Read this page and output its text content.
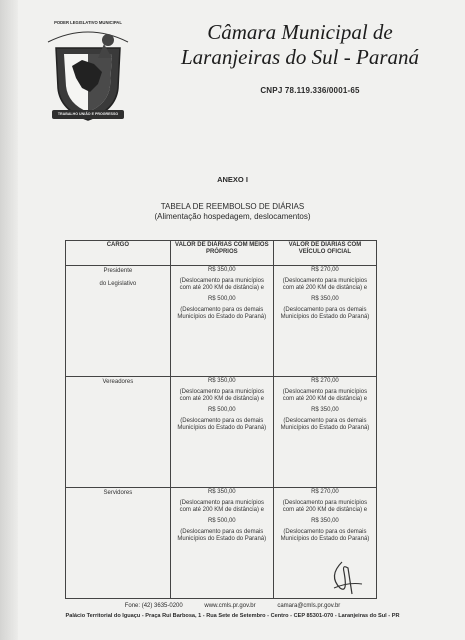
PODER LEGISLATIVO MUNICIPAL
TRABALHO UNIÃO E PROGRESSO
Câmara Municipal de
Laranjeiras do Sul - Paraná
CNPJ 78.119.336/0001-65
ANEXO I
TABELA DE REEMBOLSO DE DIÁRIAS
(Alimentação hospedagem, deslocamentos)
CARGO	VALOR DE DIÁRIAS COM MEIOS PRÓPRIOS	VALOR DE DIÁRIAS COM VEÍCULO OFICIAL

Presidente
do Legislativo	R$ 350,00
(Deslocamento para municípios com até 200 KM de distância) e
R$ 500,00
(Deslocamento para os demais Municípios do Estado do Paraná)	R$ 270,00
(Deslocamento para municípios com até 200 KM de distância) e
R$ 350,00
(Deslocamento para os demais Municípios do Estado do Paraná)

Vereadores	R$ 350,00
(Deslocamento para municípios com até 200 KM de distância) e
R$ 500,00
(Deslocamento para os demais Municípios do Estado do Paraná)	R$ 270,00
(Deslocamento para municípios com até 200 KM de distância) e
R$ 350,00
(Deslocamento para os demais Municípios do Estado do Paraná)

Servidores	R$ 350,00
(Deslocamento para municípios com até 200 KM de distância) e
R$ 500,00
(Deslocamento para os demais Municípios do Estado do Paraná)	R$ 270,00
(Deslocamento para municípios com até 200 KM de distância) e
R$ 350,00
(Deslocamento para os demais Municípios do Estado do Paraná)
Fone: (42) 3635-0200	www.cmls.pr.gov.br	camara@cmls.pr.gov.br
Palácio Territorial do Iguaçu - Praça Rui Barbosa, 1 - Rua Sete de Setembro - Centro - CEP 85301-070 - Laranjeiras do Sul - PR
